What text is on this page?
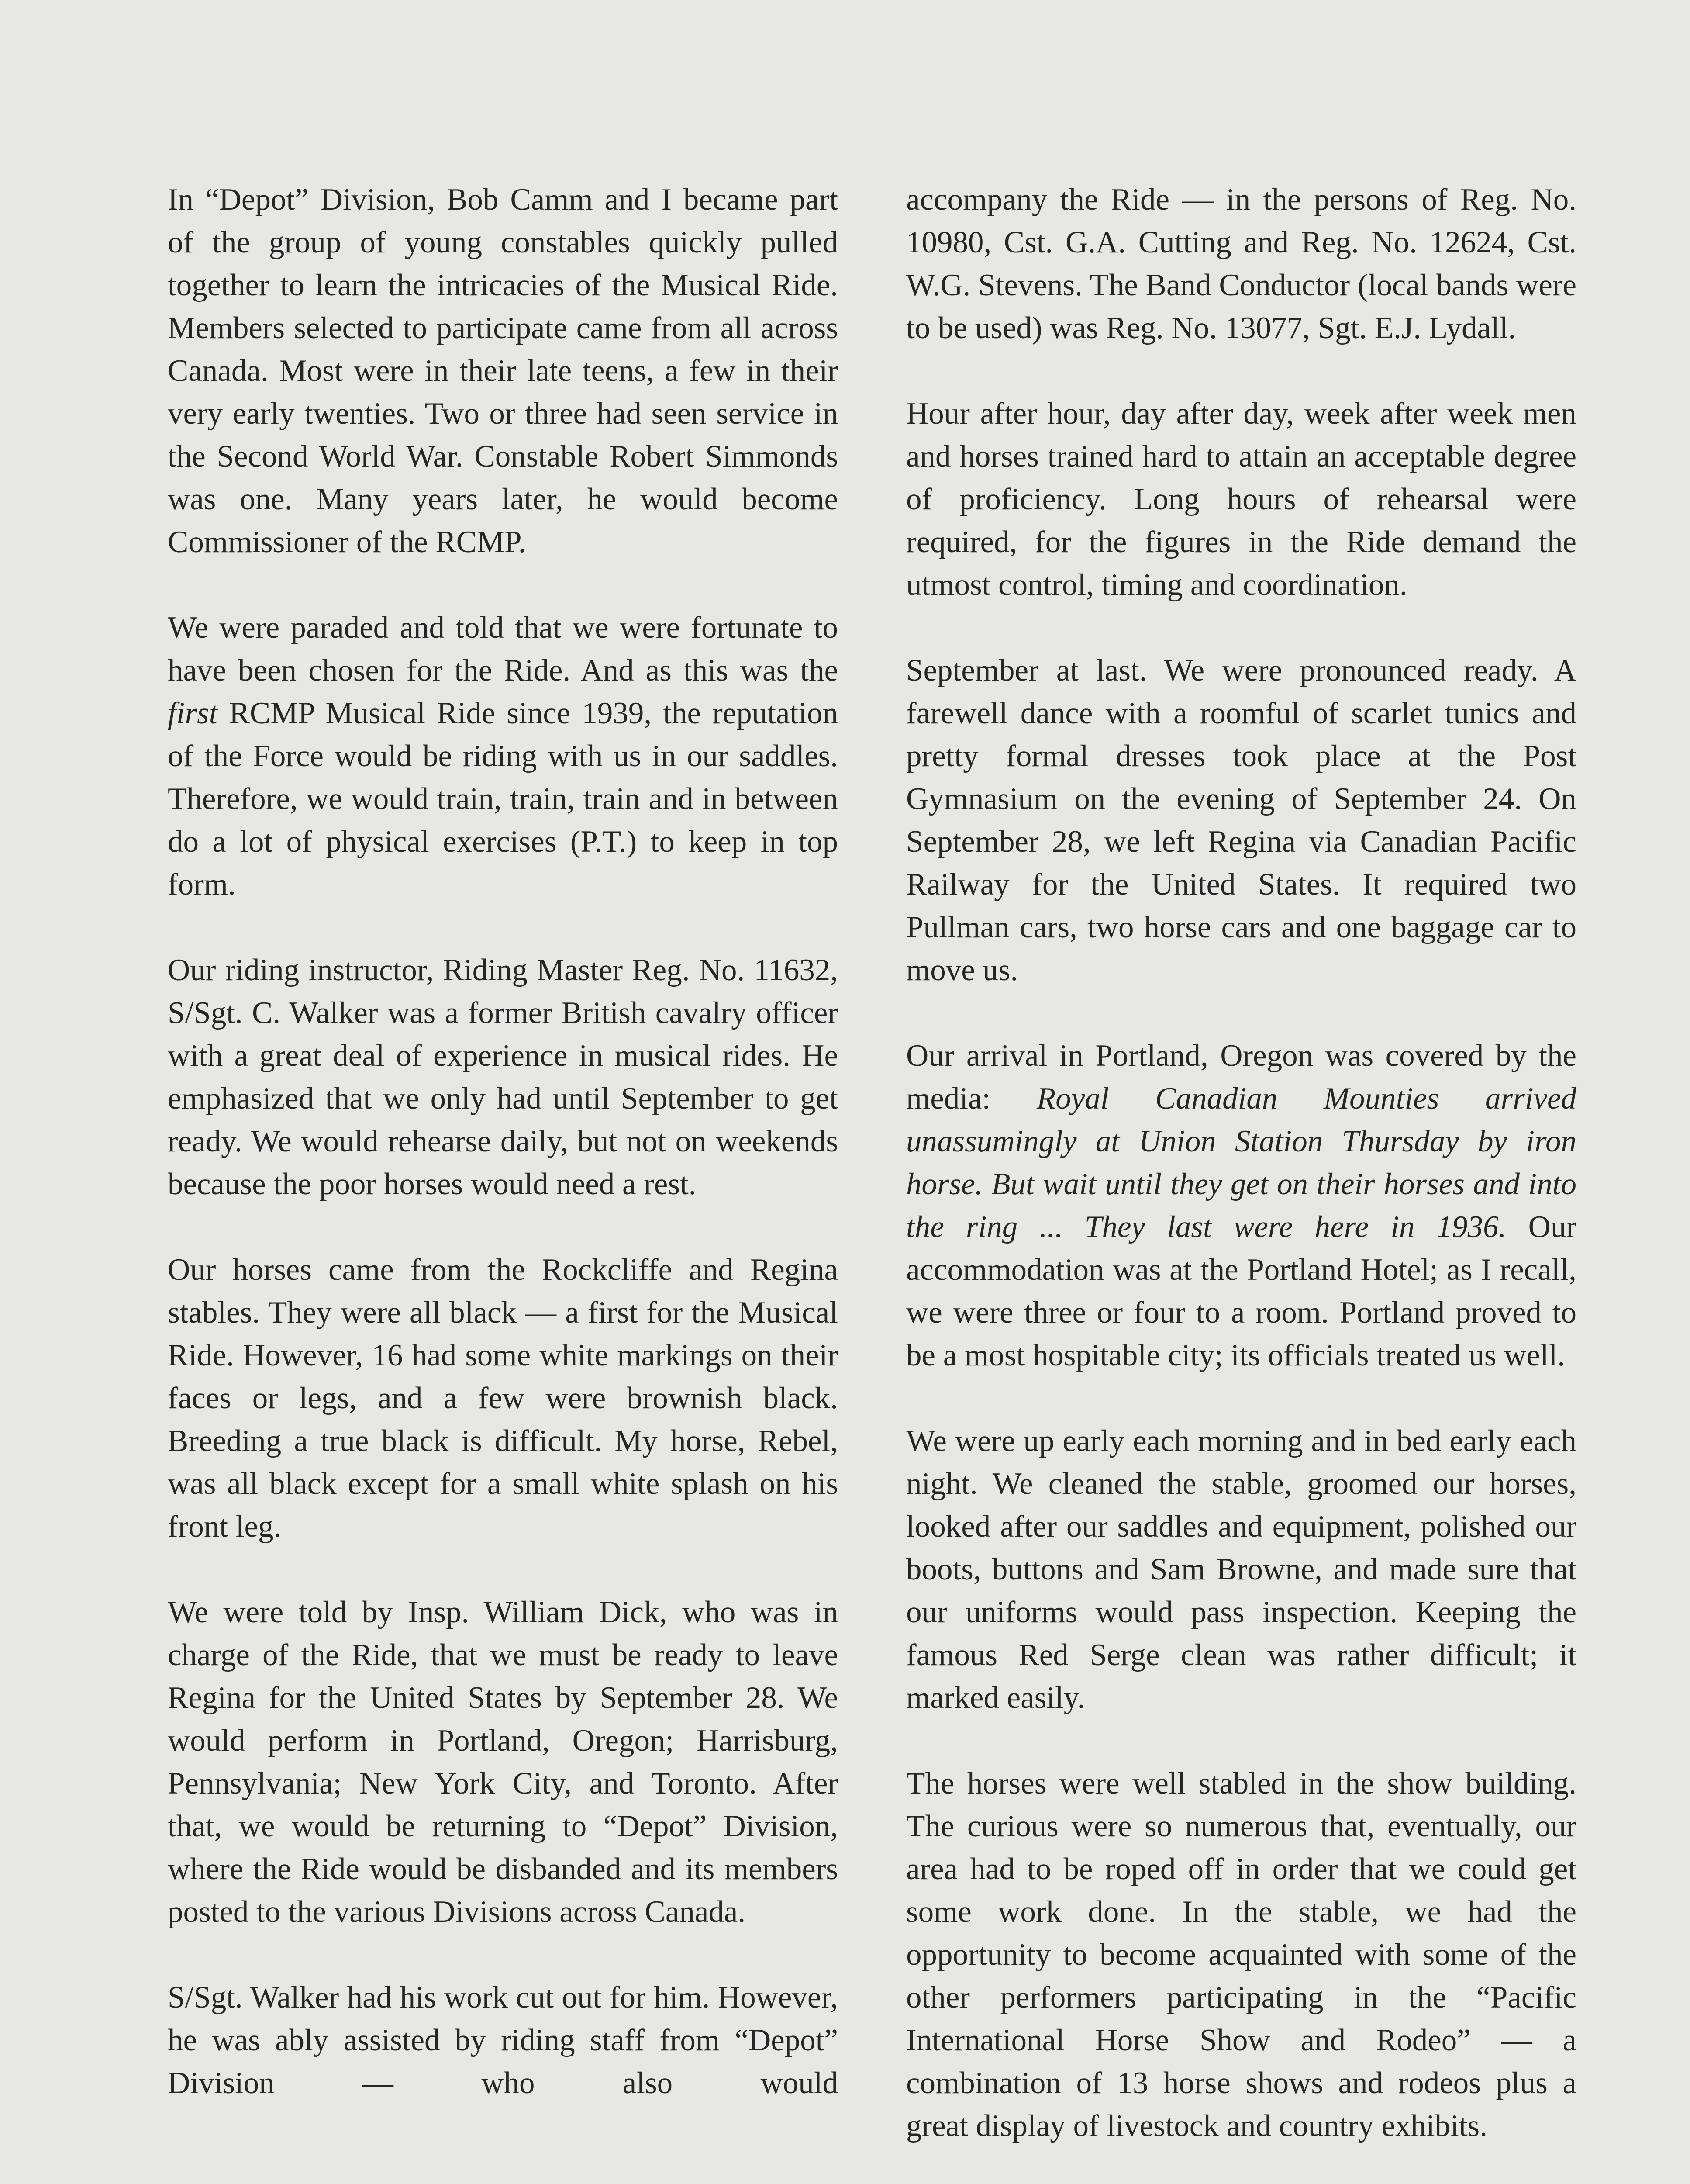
In “Depot” Division, Bob Camm and I became part of the group of young constables quickly pulled together to learn the intricacies of the Musical Ride. Members selected to participate came from all across Canada. Most were in their late teens, a few in their very early twenties. Two or three had seen service in the Second World War. Constable Robert Simmonds was one. Many years later, he would become Commissioner of the RCMP.

We were paraded and told that we were fortunate to have been chosen for the Ride. And as this was the first RCMP Musical Ride since 1939, the reputation of the Force would be riding with us in our saddles. Therefore, we would train, train, train and in between do a lot of physical exercises (P.T.) to keep in top form.

Our riding instructor, Riding Master Reg. No. 11632, S/Sgt. C. Walker was a former British cavalry officer with a great deal of experience in musical rides. He emphasized that we only had until September to get ready. We would rehearse daily, but not on weekends because the poor horses would need a rest.

Our horses came from the Rockcliffe and Regina stables. They were all black — a first for the Musical Ride. However, 16 had some white markings on their faces or legs, and a few were brownish black. Breeding a true black is difficult. My horse, Rebel, was all black except for a small white splash on his front leg.

We were told by Insp. William Dick, who was in charge of the Ride, that we must be ready to leave Regina for the United States by September 28. We would perform in Portland, Oregon; Harrisburg, Pennsylvania; New York City, and Toronto. After that, we would be returning to “Depot” Division, where the Ride would be disbanded and its members posted to the various Divisions across Canada.

S/Sgt. Walker had his work cut out for him. However, he was ably assisted by riding staff from “Depot” Division — who also would

accompany the Ride — in the persons of Reg. No. 10980, Cst. G.A. Cutting and Reg. No. 12624, Cst. W.G. Stevens. The Band Conductor (local bands were to be used) was Reg. No. 13077, Sgt. E.J. Lydall.

Hour after hour, day after day, week after week men and horses trained hard to attain an acceptable degree of proficiency. Long hours of rehearsal were required, for the figures in the Ride demand the utmost control, timing and coordination.

September at last. We were pronounced ready. A farewell dance with a roomful of scarlet tunics and pretty formal dresses took place at the Post Gymnasium on the evening of September 24. On September 28, we left Regina via Canadian Pacific Railway for the United States. It required two Pullman cars, two horse cars and one baggage car to move us.

Our arrival in Portland, Oregon was covered by the media: Royal Canadian Mounties arrived unassumingly at Union Station Thursday by iron horse. But wait until they get on their horses and into the ring ... They last were here in 1936. Our accommodation was at the Portland Hotel; as I recall, we were three or four to a room. Portland proved to be a most hospitable city; its officials treated us well.

We were up early each morning and in bed early each night. We cleaned the stable, groomed our horses, looked after our saddles and equipment, polished our boots, buttons and Sam Browne, and made sure that our uniforms would pass inspection. Keeping the famous Red Serge clean was rather difficult; it marked easily.

The horses were well stabled in the show building. The curious were so numerous that, eventually, our area had to be roped off in order that we could get some work done. In the stable, we had the opportunity to become acquainted with some of the other performers participating in the “Pacific International Horse Show and Rodeo” — a combination of 13 horse shows and rodeos plus a great display of livestock and country exhibits.
